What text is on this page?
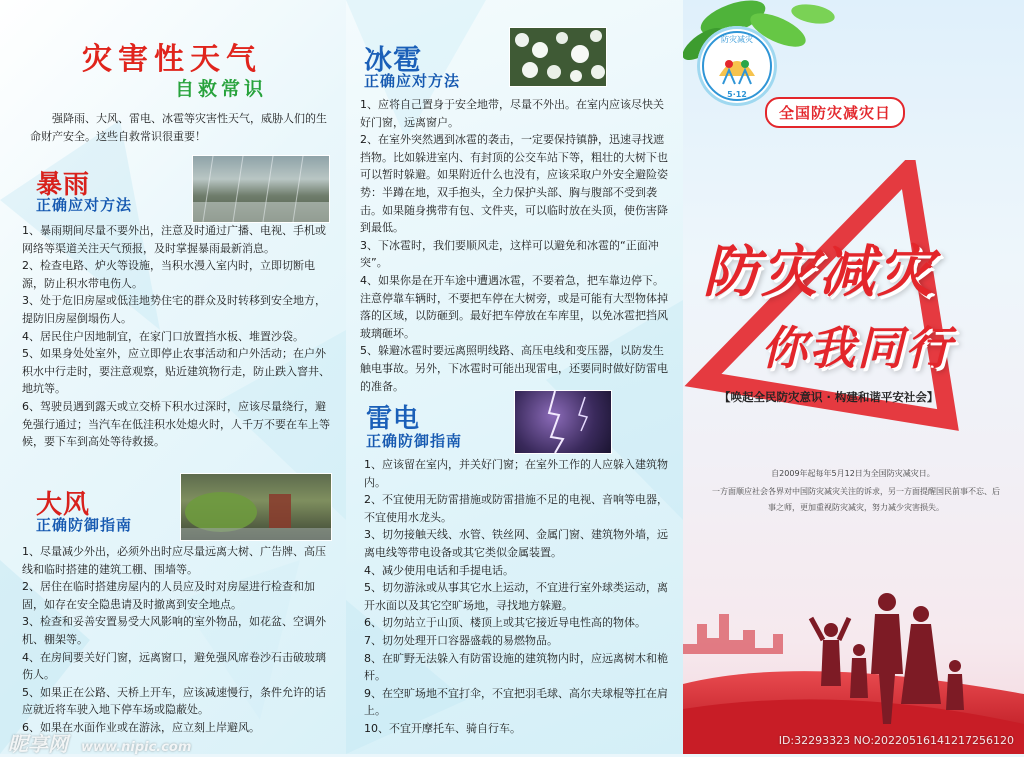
灾害性天气
自救常识

强降雨、大风、雷电、冰雹等灾害性天气，威胁人们的生命财产安全。这些自救常识很重要！

暴雨
正确应对方法

1、暴雨期间尽量不要外出，注意及时通过广播、电视、手机或网络等渠道关注天气预报，及时掌握暴雨最新消息。
2、检查电路、炉火等设施，当积水漫入室内时，立即切断电源，防止积水带电伤人。
3、处于危旧房屋或低洼地势住宅的群众及时转移到安全地方，提防旧房屋倒塌伤人。
4、居民住户因地制宜，在家门口放置挡水板、堆置沙袋。
5、如果身处处室外，应立即停止农事活动和户外活动；在户外积水中行走时，要注意观察，贴近建筑物行走，防止跌入窨井、地坑等。
6、驾驶员遇到露天或立交桥下积水过深时，应该尽量绕行，避免强行通过；当汽车在低洼积水处熄火时，人千万不要在车上等候，要下车到高处等待救援。

大风
正确防御指南

1、尽量减少外出，必须外出时应尽量远离大树、广告牌、高压线和临时搭建的建筑工棚、围墙等。
2、居住在临时搭建房屋内的人员应及时对房屋进行检查和加固，如存在安全隐患请及时撤离到安全地点。
3、检查和妥善安置易受大风影响的室外物品，如花盆、空调外机、棚架等。
4、在房间要关好门窗，远离窗口，避免强风席卷沙石击破玻璃伤人。
5、如果正在公路、天桥上开车，应该减速慢行，条件允许的话应就近将车驶入地下停车场或隐蔽处。
6、如果在水面作业或在游泳，应立刻上岸避风。

冰雹
正确应对方法

1、应将自己置身于安全地带，尽量不外出。在室内应该尽快关好门窗，远离窗户。
2、在室外突然遇到冰雹的袭击，一定要保持镇静，迅速寻找遮挡物。比如躲进室内、有封顶的公交车站下等，粗壮的大树下也可以暂时躲避。如果附近什么也没有，应该采取户外安全避险姿势：半蹲在地，双手抱头，全力保护头部、胸与腹部不受到袭击。如果随身携带有包、文件夹，可以临时放在头顶，使伤害降到最低。
3、下冰雹时，我们要顺风走，这样可以避免和冰雹的“正面冲突”。
4、如果你是在开车途中遭遇冰雹，不要着急，把车靠边停下。注意停靠车辆时，不要把车停在大树旁，或是可能有大型物体掉落的区域，以防砸到。最好把车停放在车库里，以免冰雹把挡风玻璃砸坏。
5、躲避冰雹时要远离照明线路、高压电线和变压器，以防发生触电事故。另外，下冰雹时可能出现雷电，还要同时做好防雷电的准备。

雷电
正确防御指南

1、应该留在室内，并关好门窗；在室外工作的人应躲入建筑物内。
2、不宜使用无防雷措施或防雷措施不足的电视、音响等电器，不宜使用水龙头。
3、切勿接触天线、水管、铁丝网、金属门窗、建筑物外墙，远离电线等带电设备或其它类似金属装置。
4、减少使用电话和手提电话。
5、切勿游泳或从事其它水上运动，不宜进行室外球类运动，离开水面以及其它空旷场地，寻找地方躲避。
6、切勿站立于山顶、楼顶上或其它接近导电性高的物体。
7、切勿处理开口容器盛载的易燃物品。
8、在旷野无法躲入有防雷设施的建筑物内时，应远离树木和桅杆。
9、在空旷场地不宜打伞，不宜把羽毛球、高尔夫球棍等扛在肩上。
10、不宜开摩托车、骑自行车。

防灾减灾
5·12
全国防灾减灾日
防灾减灾
你我同行
【唤起全民防灾意识 · 构建和谐平安社会】
自2009年起每年5月12日为全国防灾减灾日。
一方面顺应社会各界对中国防灾减灾关注的诉求，另一方面提醒国民前事不忘、后事之师，更加重视防灾减灾，努力减少灾害损失。
昵享网 www.nipic.com	ID:32293323 NO:20220516141217256120
